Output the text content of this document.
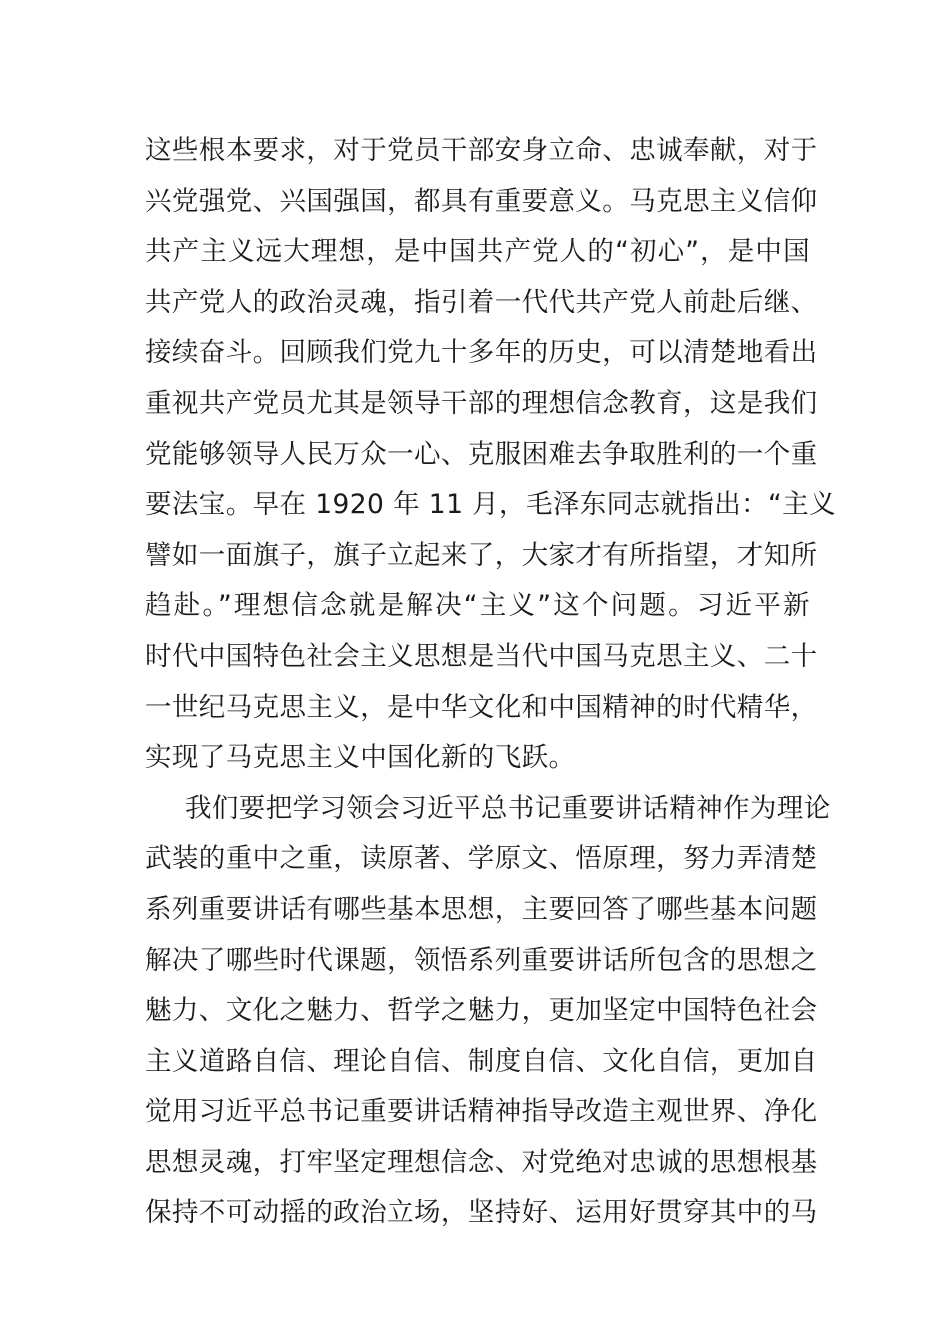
这些根本要求，对于党员干部安身立命、忠诚奉献，对于
兴党强党、兴国强国，都具有重要意义。马克思主义信仰
共产主义远大理想，是中国共产党人的“初心”，是中国
共产党人的政治灵魂，指引着一代代共产党人前赴后继、
接续奋斗。回顾我们党九十多年的历史，可以清楚地看出
重视共产党员尤其是领导干部的理想信念教育，这是我们
党能够领导人民万众一心、克服困难去争取胜利的一个重
要法宝。早在 1920 年 11 月，毛泽东同志就指出：“主义
譬如一面旗子，旗子立起来了，大家才有所指望，才知所
趋赴。”理想信念就是解决“主义”这个问题。习近平新
时代中国特色社会主义思想是当代中国马克思主义、二十
一世纪马克思主义，是中华文化和中国精神的时代精华，
实现了马克思主义中国化新的飞跃。
我们要把学习领会习近平总书记重要讲话精神作为理论
武装的重中之重，读原著、学原文、悟原理，努力弄清楚
系列重要讲话有哪些基本思想，主要回答了哪些基本问题
解决了哪些时代课题，领悟系列重要讲话所包含的思想之
魅力、文化之魅力、哲学之魅力，更加坚定中国特色社会
主义道路自信、理论自信、制度自信、文化自信，更加自
觉用习近平总书记重要讲话精神指导改造主观世界、净化
思想灵魂，打牢坚定理想信念、对党绝对忠诚的思想根基
保持不可动摇的政治立场，坚持好、运用好贯穿其中的马
